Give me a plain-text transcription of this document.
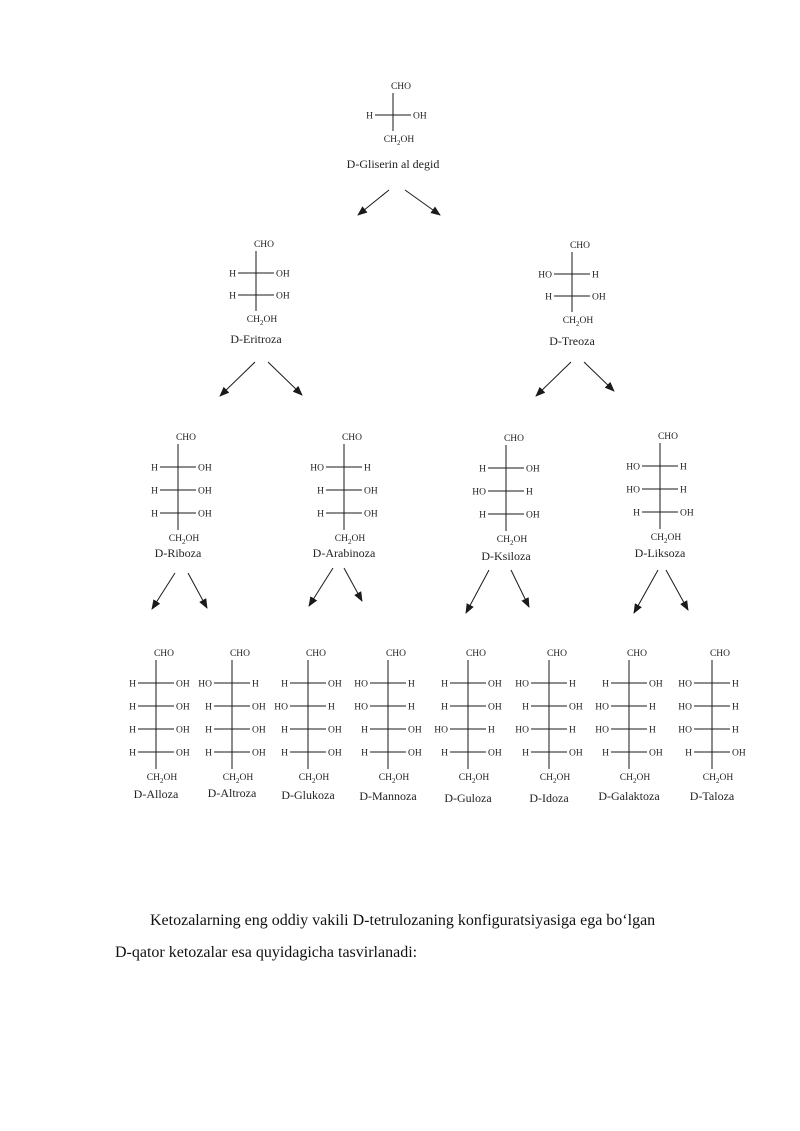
CHO
H	OH
$CH_2OH$
D-Gliserin al degid
CHO
H	OH
H	OH
$CH_2OH$
D-Eritroza
CHO
HO	H
H	OH
$CH_2OH$
D-Treoza
CHO
H	OH
H	OH
H	OH
$CH_2OH$
D-Riboza
CHO
HO	H
H	OH
H	OH
$CH_2OH$
D-Arabinoza
CHO
H	OH
HO	H
H	OH
$CH_2OH$
D-Ksiloza
CHO
HO	H
HO	H
H	OH
$CH_2OH$
D-Liksoza
CHO
H	OH
H	OH
H	OH
H	OH
$CH_2OH$
D-Alloza
CHO
HO	H
H	OH
H	OH
H	OH
$CH_2OH$
D-Altroza
CHO
H	OH
HO	H
H	OH
H	OH
$CH_2OH$
D-Glukoza
CHO
HO	H
HO	H
H	OH
H	OH
$CH_2OH$
D-Mannoza
CHO
H	OH
H	OH
HO	H
H	OH
$CH_2OH$
D-Guloza
CHO
HO	H
H	OH
HO	H
H	OH
$CH_2OH$
D-Idoza
CHO
H	OH
HO	H
HO	H
H	OH
$CH_2OH$
D-Galaktoza
CHO
HO	H
HO	H
HO	H
H	OH
$CH_2OH$
D-Taloza

Ketozalarning eng oddiy vakili D-tetrulozaning konfiguratsiyasiga ega bo‘lgan

D-qator ketozalar esa quyidagicha tasvirlanadi:
